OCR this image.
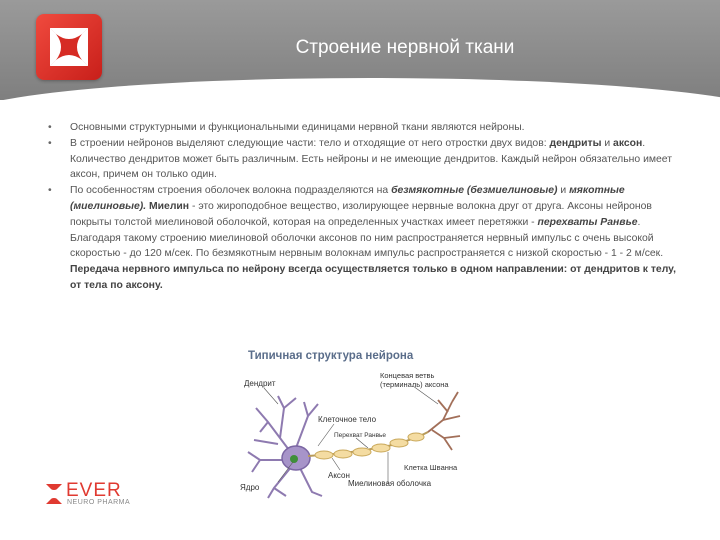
Строение нервной ткани
• Основными структурными и функциональными единицами нервной ткани являются нейроны.
• В строении нейронов выделяют следующие части: тело и отходящие от него отростки двух видов: дендриты и аксон. Количество дендритов может быть различным. Есть нейроны и не имеющие дендритов. Каждый нейрон обязательно имеет аксон, причем он только один.
• По особенностям строения оболочек волокна подразделяются на безмякотные (безмиелиновые) и мякотные (миелиновые). Миелин - это жироподобное вещество, изолирующее нервные волокна друг от друга. Аксоны нейронов покрыты толстой миелиновой оболочкой, которая на определенных участках имеет перетяжки - перехваты Ранвье. Благодаря такому строению миелиновой оболочки аксонов по ним распространяется нервный импульс с очень высокой скоростью - до 120 м/сек. По безмякотным нервным волокнам импульс распространяется с низкой скоростью - 1 - 2 м/сек. Передача нервного импульса по нейрону всегда осуществляется только в одном направлении: от дендритов к телу, от тела по аксону.
Типичная структура нейрона
Дендрит
Концевая ветвь (терминаль) аксона
Клеточное тело
Перехват Ранвье
Аксон
Клетка Шванна
Ядро	Миелиновая оболочка
EVER
NEURO PHARMA
